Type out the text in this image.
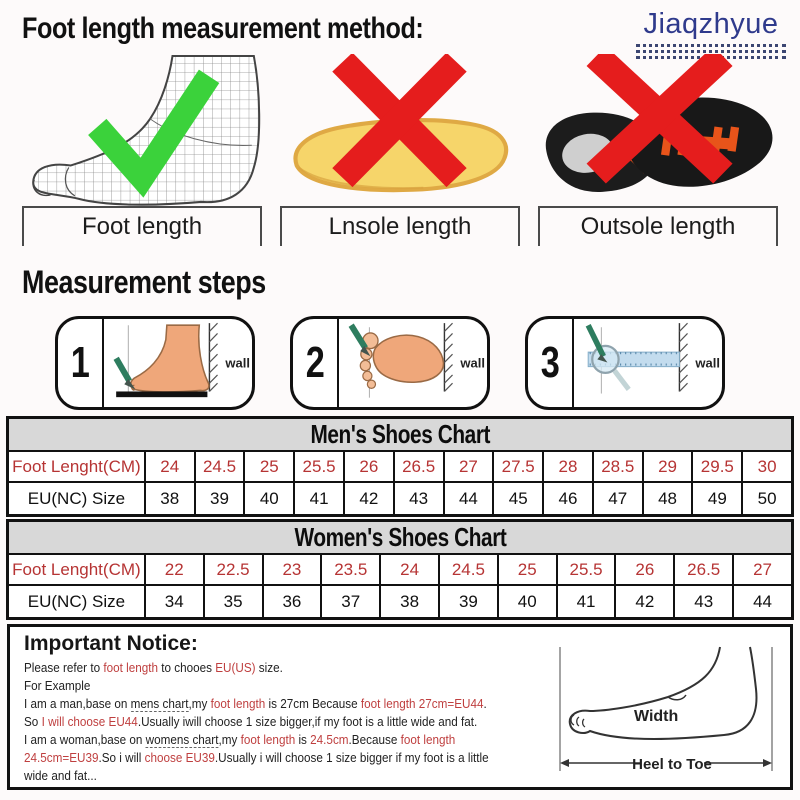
Foot length measurement method:	Jiaqzhyue
Foot length	Lnsole length	Outsole length
Measurement steps
1	wall 2	wall 3	wall
Men's Shoes Chart
Foot Lenght(CM)	24	24.5	25	25.5	26	26.5	27	27.5	28	28.5	29	29.5	30
EU(NC) Size	38	39	40	41	42	43	44	45	46	47	48	49	50
Women's Shoes Chart
Foot Lenght(CM)	22	22.5	23	23.5	24	24.5	25	25.5	26	26.5	27
EU(NC) Size	34	35	36	37	38	39	40	41	42	43	44
Important Notice:
Please refer to foot length to chooes EU(US) size.
For Example
I am a man,base on mens chart,my foot length is 27cm Because foot length 27cm=EU44.
So I will choose EU44.Usually iwill choose 1 size bigger,if my foot is a little wide and fat.
I am a woman,base on womens chart,my foot length is 24.5cm.Because foot length
24.5cm=EU39.So i will choose EU39.Usually i will choose 1 size bigger if my foot is a little
wide and fat...
Width
Heel to Toe
